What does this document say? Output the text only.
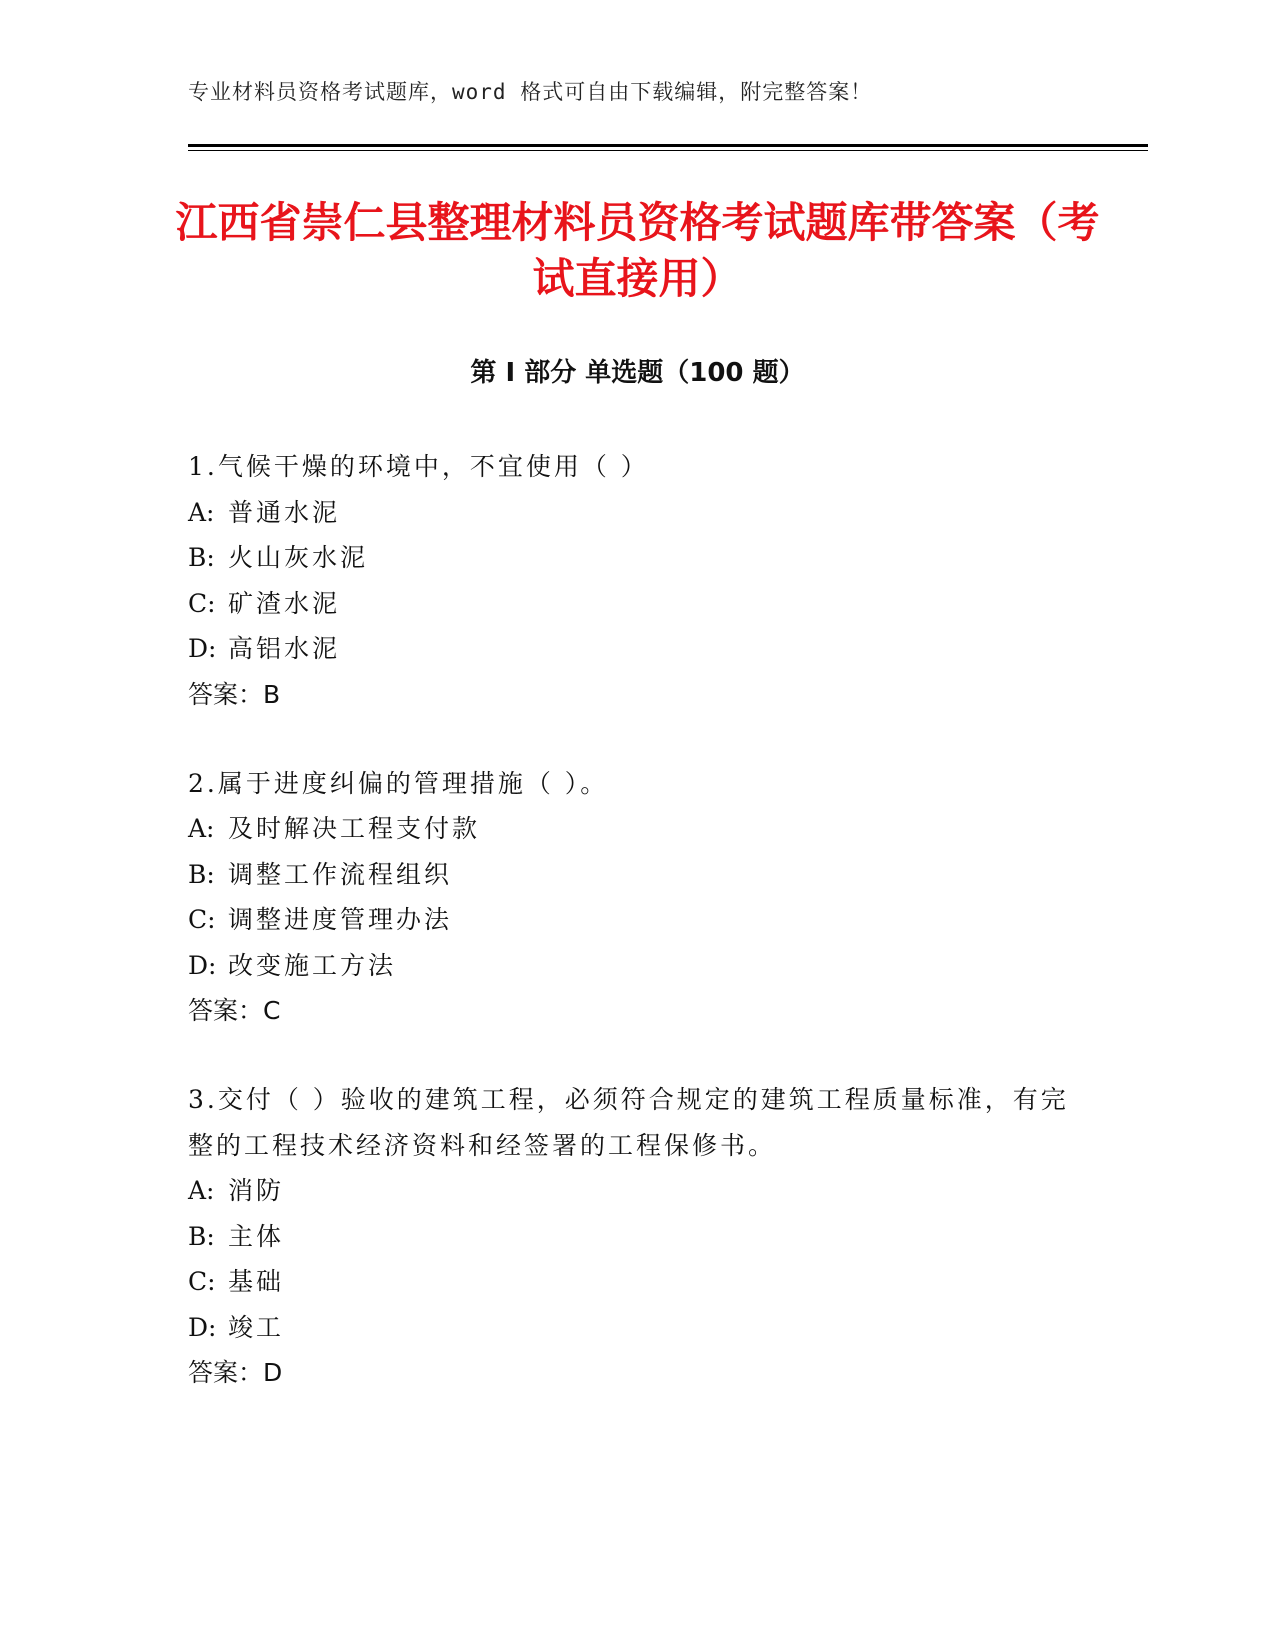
专业材料员资格考试题库，word 格式可自由下载编辑，附完整答案！
江西省崇仁县整理材料员资格考试题库带答案（考试直接用）
第 I 部分 单选题（100 题）
1.气候干燥的环境中，不宜使用（ ）
A: 普通水泥
B: 火山灰水泥
C: 矿渣水泥
D: 高铝水泥
答案：B
2.属于进度纠偏的管理措施（ ）。
A: 及时解决工程支付款
B: 调整工作流程组织
C: 调整进度管理办法
D: 改变施工方法
答案：C
3.交付（ ）验收的建筑工程，必须符合规定的建筑工程质量标准，有完整的工程技术经济资料和经签署的工程保修书。
A: 消防
B: 主体
C: 基础
D: 竣工
答案：D
